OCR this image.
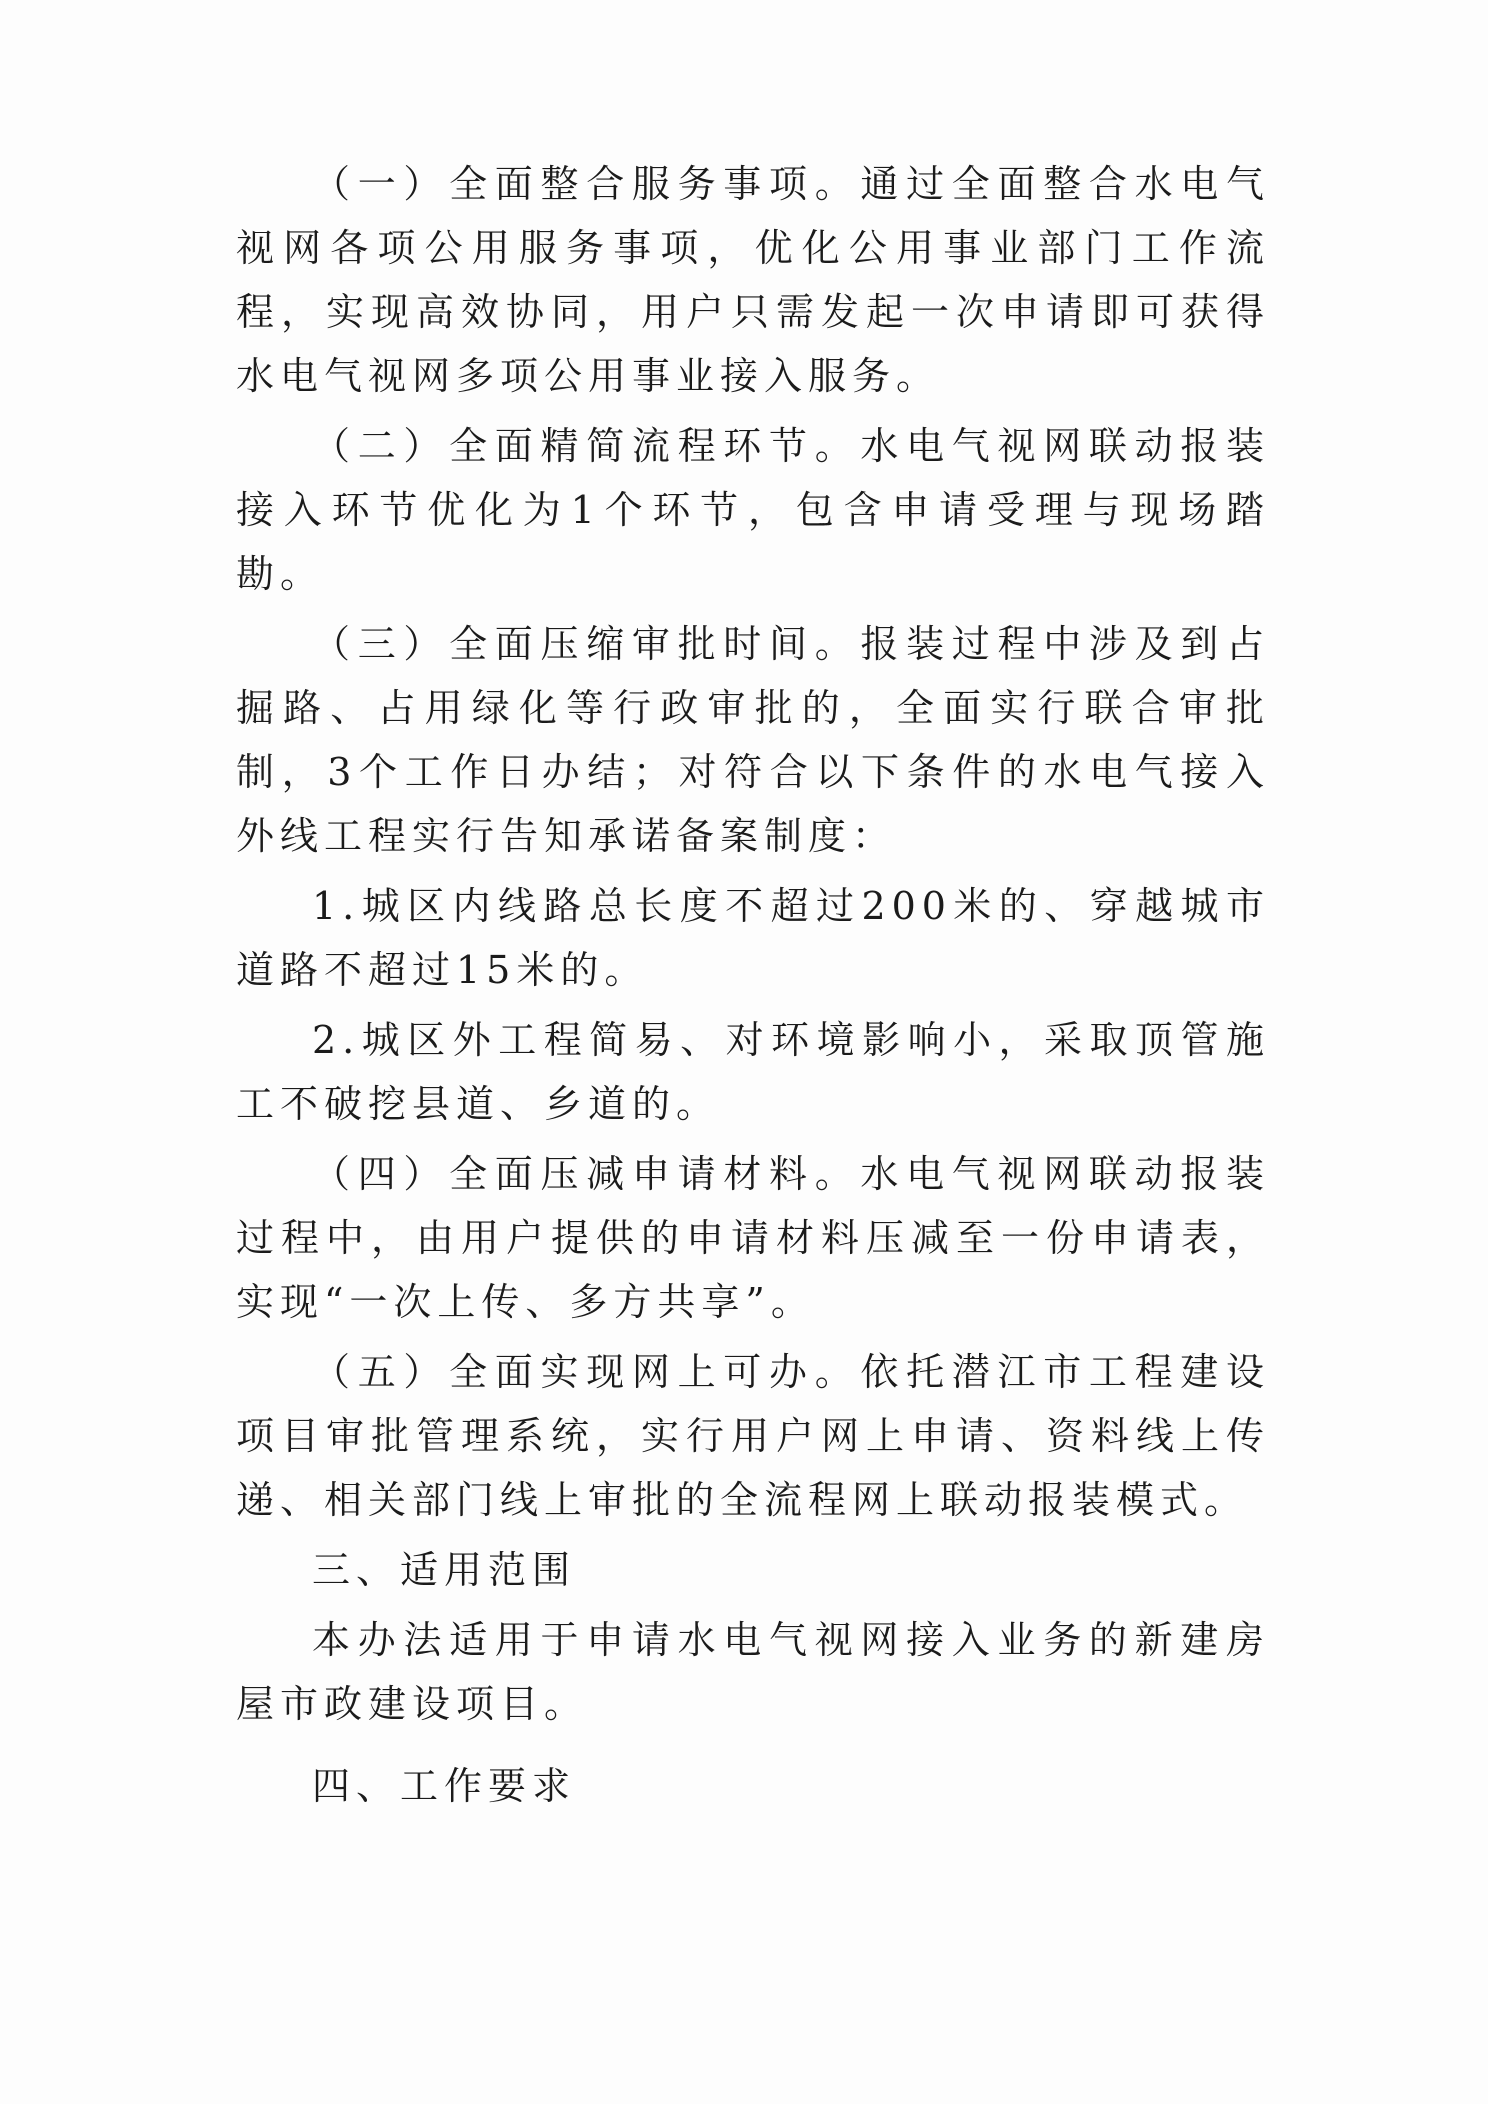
（一）全面整合服务事项。通过全面整合水电气视网各项公用服务事项，优化公用事业部门工作流程，实现高效协同，用户只需发起一次申请即可获得水电气视网多项公用事业接入服务。

（二）全面精简流程环节。水电气视网联动报装接入环节优化为1个环节，包含申请受理与现场踏勘。

（三）全面压缩审批时间。报装过程中涉及到占掘路、占用绿化等行政审批的，全面实行联合审批制，3个工作日办结；对符合以下条件的水电气接入外线工程实行告知承诺备案制度：

1.城区内线路总长度不超过200米的、穿越城市道路不超过15米的。

2.城区外工程简易、对环境影响小，采取顶管施工不破挖县道、乡道的。

（四）全面压减申请材料。水电气视网联动报装过程中，由用户提供的申请材料压减至一份申请表，实现“一次上传、多方共享”。

（五）全面实现网上可办。依托潜江市工程建设项目审批管理系统，实行用户网上申请、资料线上传递、相关部门线上审批的全流程网上联动报装模式。

三、适用范围

本办法适用于申请水电气视网接入业务的新建房屋市政建设项目。

四、工作要求
